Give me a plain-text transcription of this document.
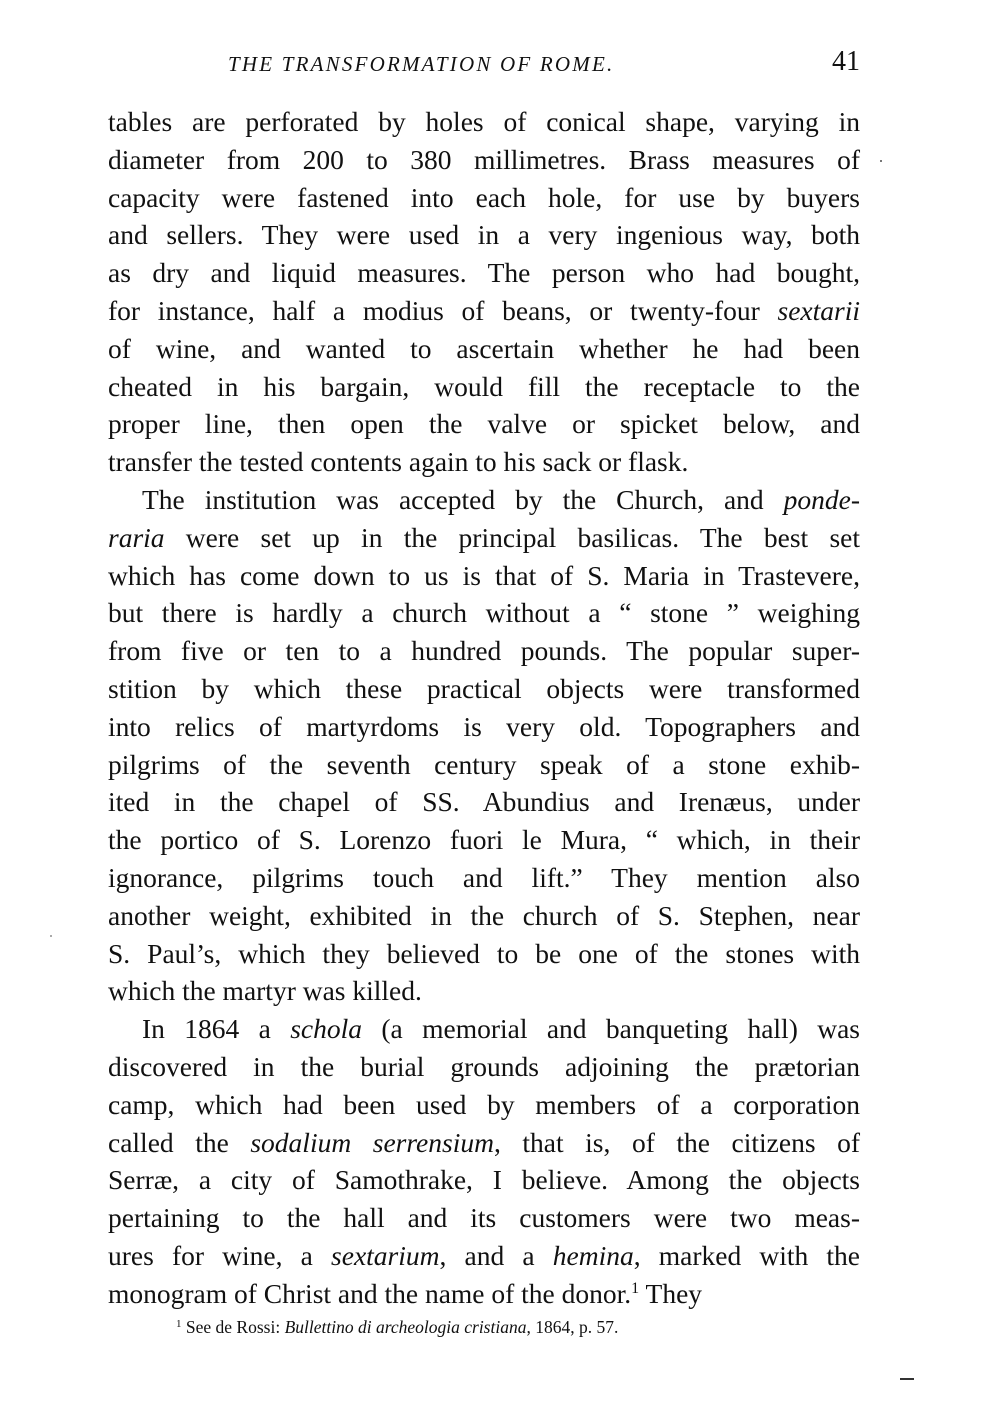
THE TRANSFORMATION OF ROME.	41

tables are perforated by holes of conical shape, varying in
diameter from 200 to 380 millimetres. Brass measures of
capacity were fastened into each hole, for use by buyers
and sellers. They were used in a very ingenious way, both
as dry and liquid measures. The person who had bought,
for instance, half a modius of beans, or twenty-four sextarii
of wine, and wanted to ascertain whether he had been
cheated in his bargain, would fill the receptacle to the
proper line, then open the valve or spicket below, and
transfer the tested contents again to his sack or flask.

The institution was accepted by the Church, and ponde-
raria were set up in the principal basilicas. The best set
which has come down to us is that of S. Maria in Trastevere,
but there is hardly a church without a “ stone ” weighing
from five or ten to a hundred pounds. The popular super-
stition by which these practical objects were transformed
into relics of martyrdoms is very old. Topographers and
pilgrims of the seventh century speak of a stone exhib-
ited in the chapel of SS. Abundius and Irenæus, under
the portico of S. Lorenzo fuori le Mura, “ which, in their
ignorance, pilgrims touch and lift.” They mention also
another weight, exhibited in the church of S. Stephen, near
S. Paul’s, which they believed to be one of the stones with
which the martyr was killed.

In 1864 a schola (a memorial and banqueting hall) was
discovered in the burial grounds adjoining the prætorian
camp, which had been used by members of a corporation
called the sodalium serrensium, that is, of the citizens of
Serræ, a city of Samothrake, I believe. Among the objects
pertaining to the hall and its customers were two meas-
ures for wine, a sextarium, and a hemina, marked with the
monogram of Christ and the name of the donor.$^1$ They

$^1$ See de Rossi: Bullettino di archeologia cristiana, 1864, p. 57.
